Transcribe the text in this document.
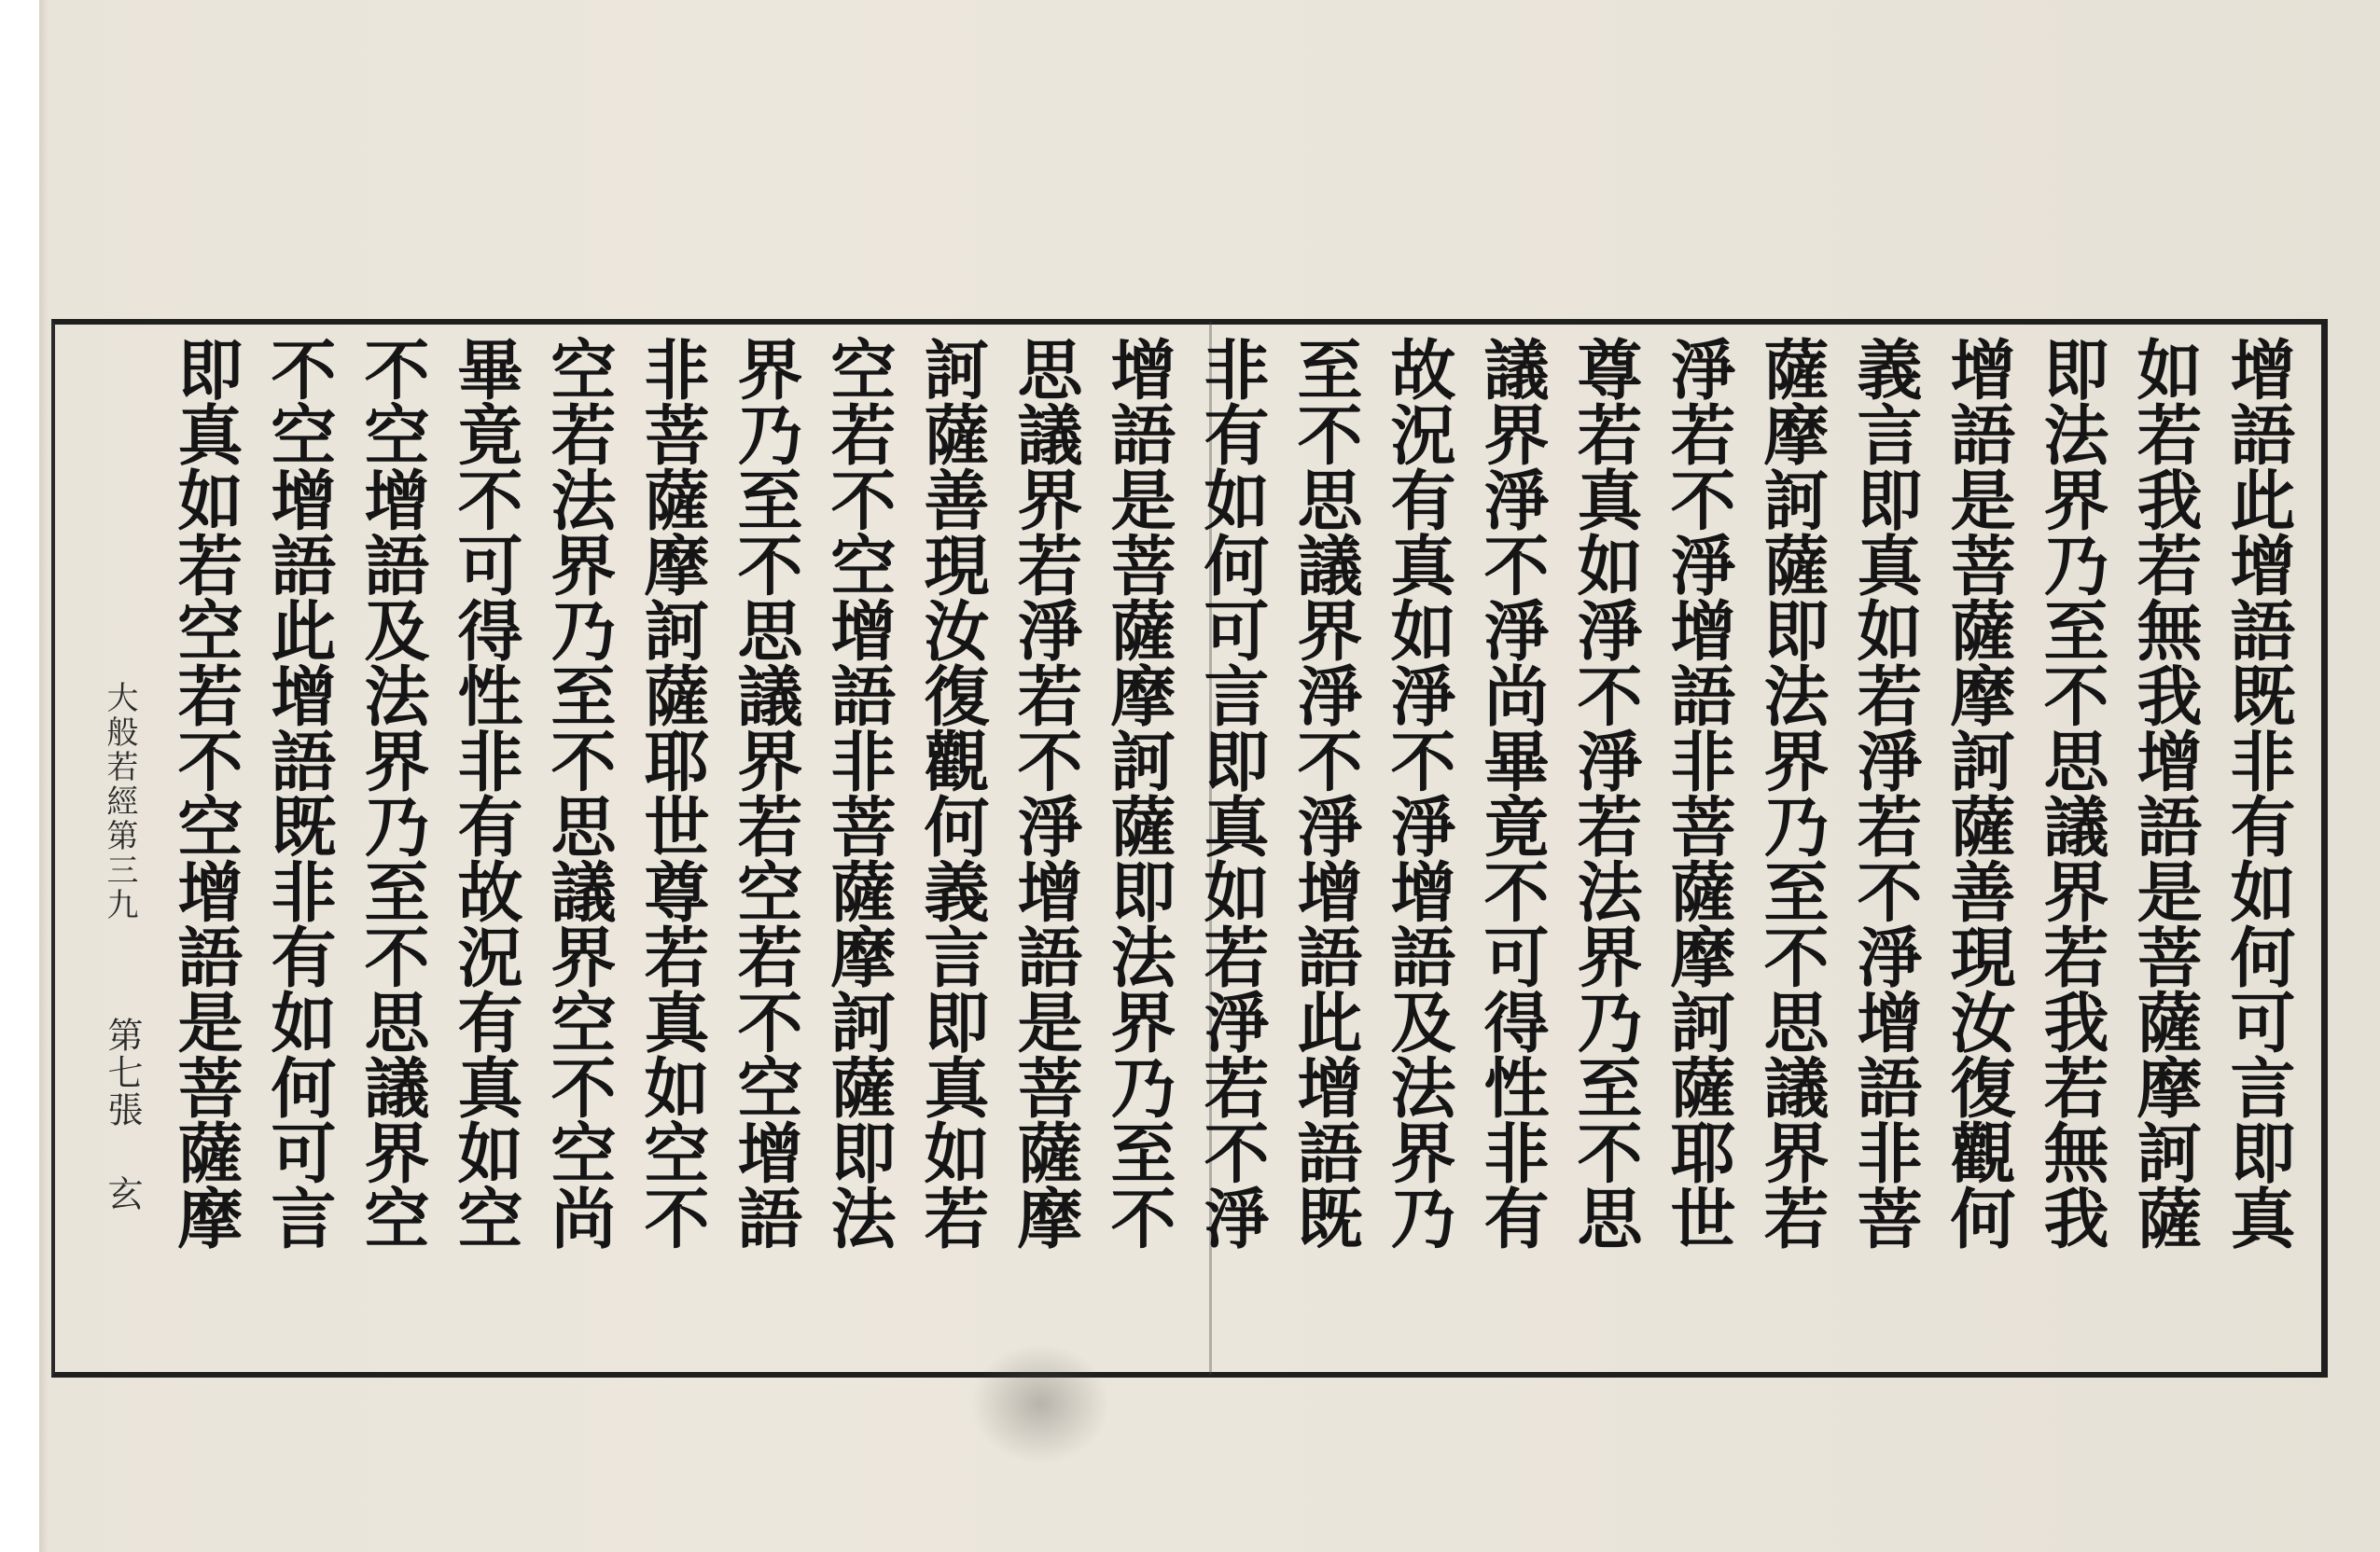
增語此增語既非有如何可言即真
如若我若無我增語是菩薩摩訶薩
即法界乃至不思議界若我若無我
增語是菩薩摩訶薩善現汝復觀何
義言即真如若淨若不淨增語非菩
薩摩訶薩即法界乃至不思議界若
淨若不淨增語非菩薩摩訶薩耶世
尊若真如淨不淨若法界乃至不思
議界淨不淨尚畢竟不可得性非有
故況有真如淨不淨增語及法界乃
至不思議界淨不淨增語此增語既
非有如何可言即真如若淨若不淨
增語是菩薩摩訶薩即法界乃至不
思議界若淨若不淨增語是菩薩摩
訶薩善現汝復觀何義言即真如若
空若不空增語非菩薩摩訶薩即法
界乃至不思議界若空若不空增語
非菩薩摩訶薩耶世尊若真如空不
空若法界乃至不思議界空不空尚
畢竟不可得性非有故況有真如空
不空增語及法界乃至不思議界空
不空增語此增語既非有如何可言
即真如若空若不空增語是菩薩摩
大般若經第三九
第七張
玄
